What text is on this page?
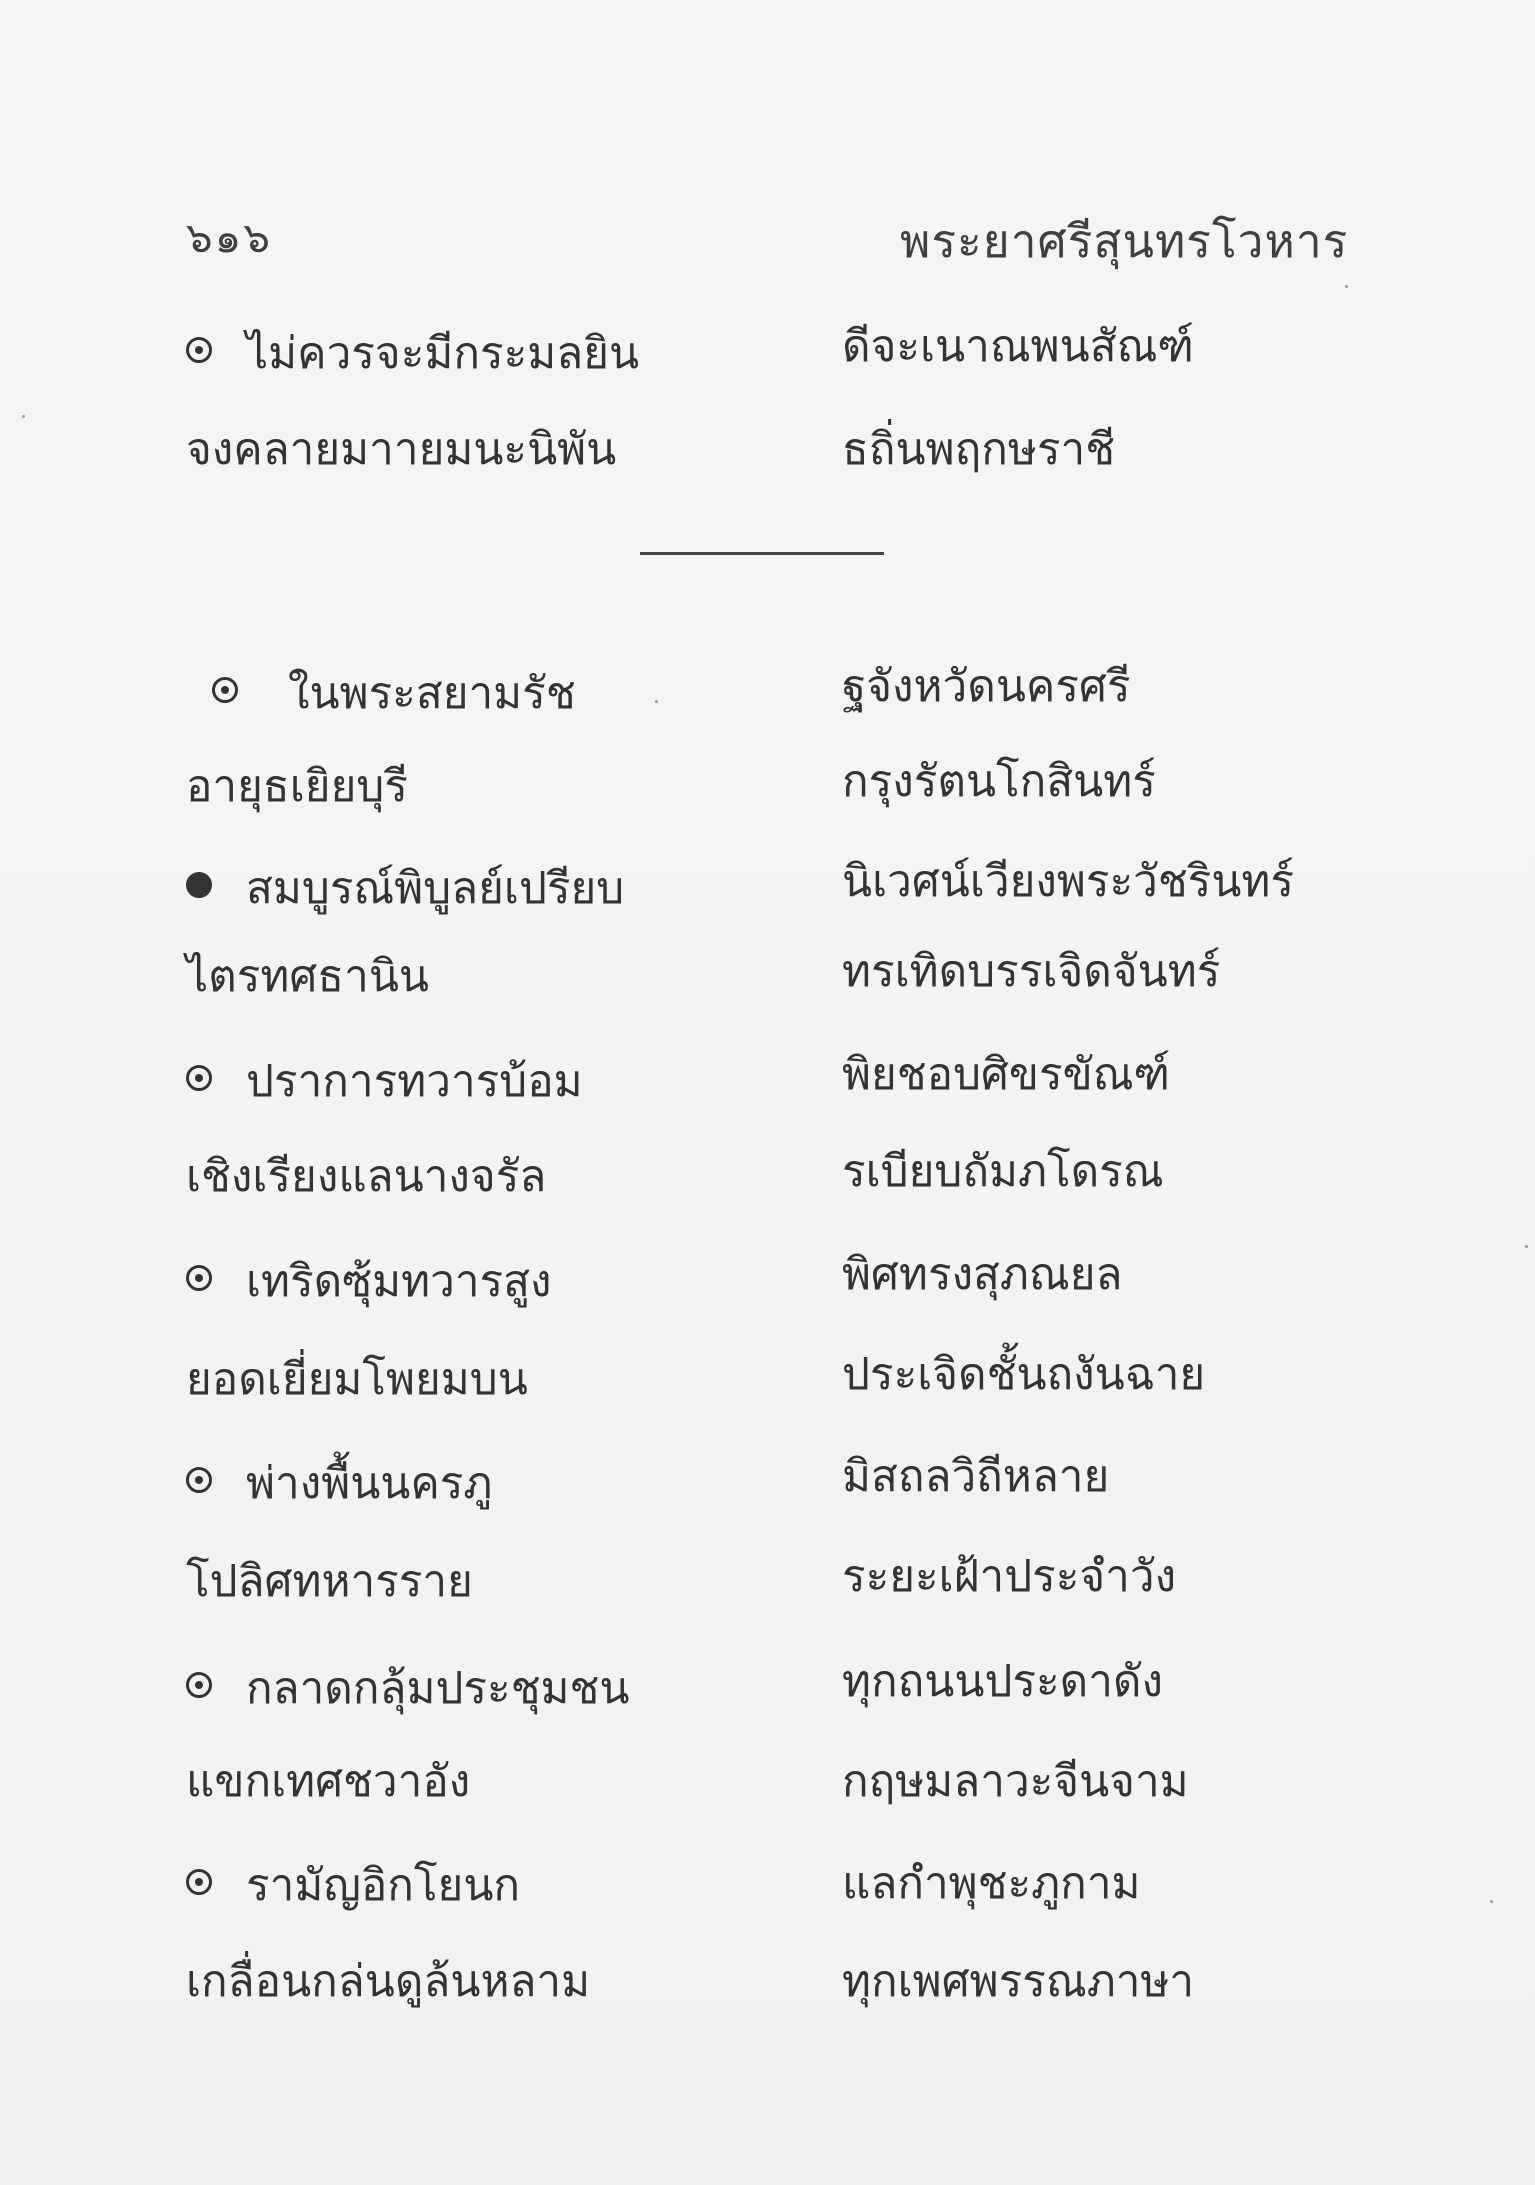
๖๑๖	พระยาศรีสุนทรโวหาร
ไม่ควรจะมีกระมลยิน	ดีจะเนาณพนสัณฑ์
จงคลายมาายมนะนิพัน	ธถิ่นพฤกษราชี
ในพระสยามรัช	ฐจังหวัดนครศรี
อายุธเยิยบุรี	กรุงรัตนโกสินทร์
สมบูรณ์พิบูลย์เปรียบ	นิเวศน์เวียงพระวัชรินทร์
ไตรทศธานิน	ทรเทิดบรรเจิดจันทร์
ปราการทวารบ้อม	พิยชอบศิขรขัณฑ์
เชิงเรียงแลนางจรัล	รเบียบถัมภโดรณ
เทริดซุ้มทวารสูง	พิศทรงสุภณยล
ยอดเยี่ยมโพยมบน	ประเจิดชั้นถงันฉาย
พ่างพื้นนครภู	มิสถลวิถีหลาย
โปลิศทหารราย	ระยะเฝ้าประจำวัง
กลาดกลุ้มประชุมชน	ทุกถนนประดาดัง
แขกเทศชวาอัง	กฤษมลาวะจีนจาม
รามัญอิกโยนก	แลกำพุชะภูกาม
เกลื่อนกล่นดูล้นหลาม	ทุกเพศพรรณภาษา
